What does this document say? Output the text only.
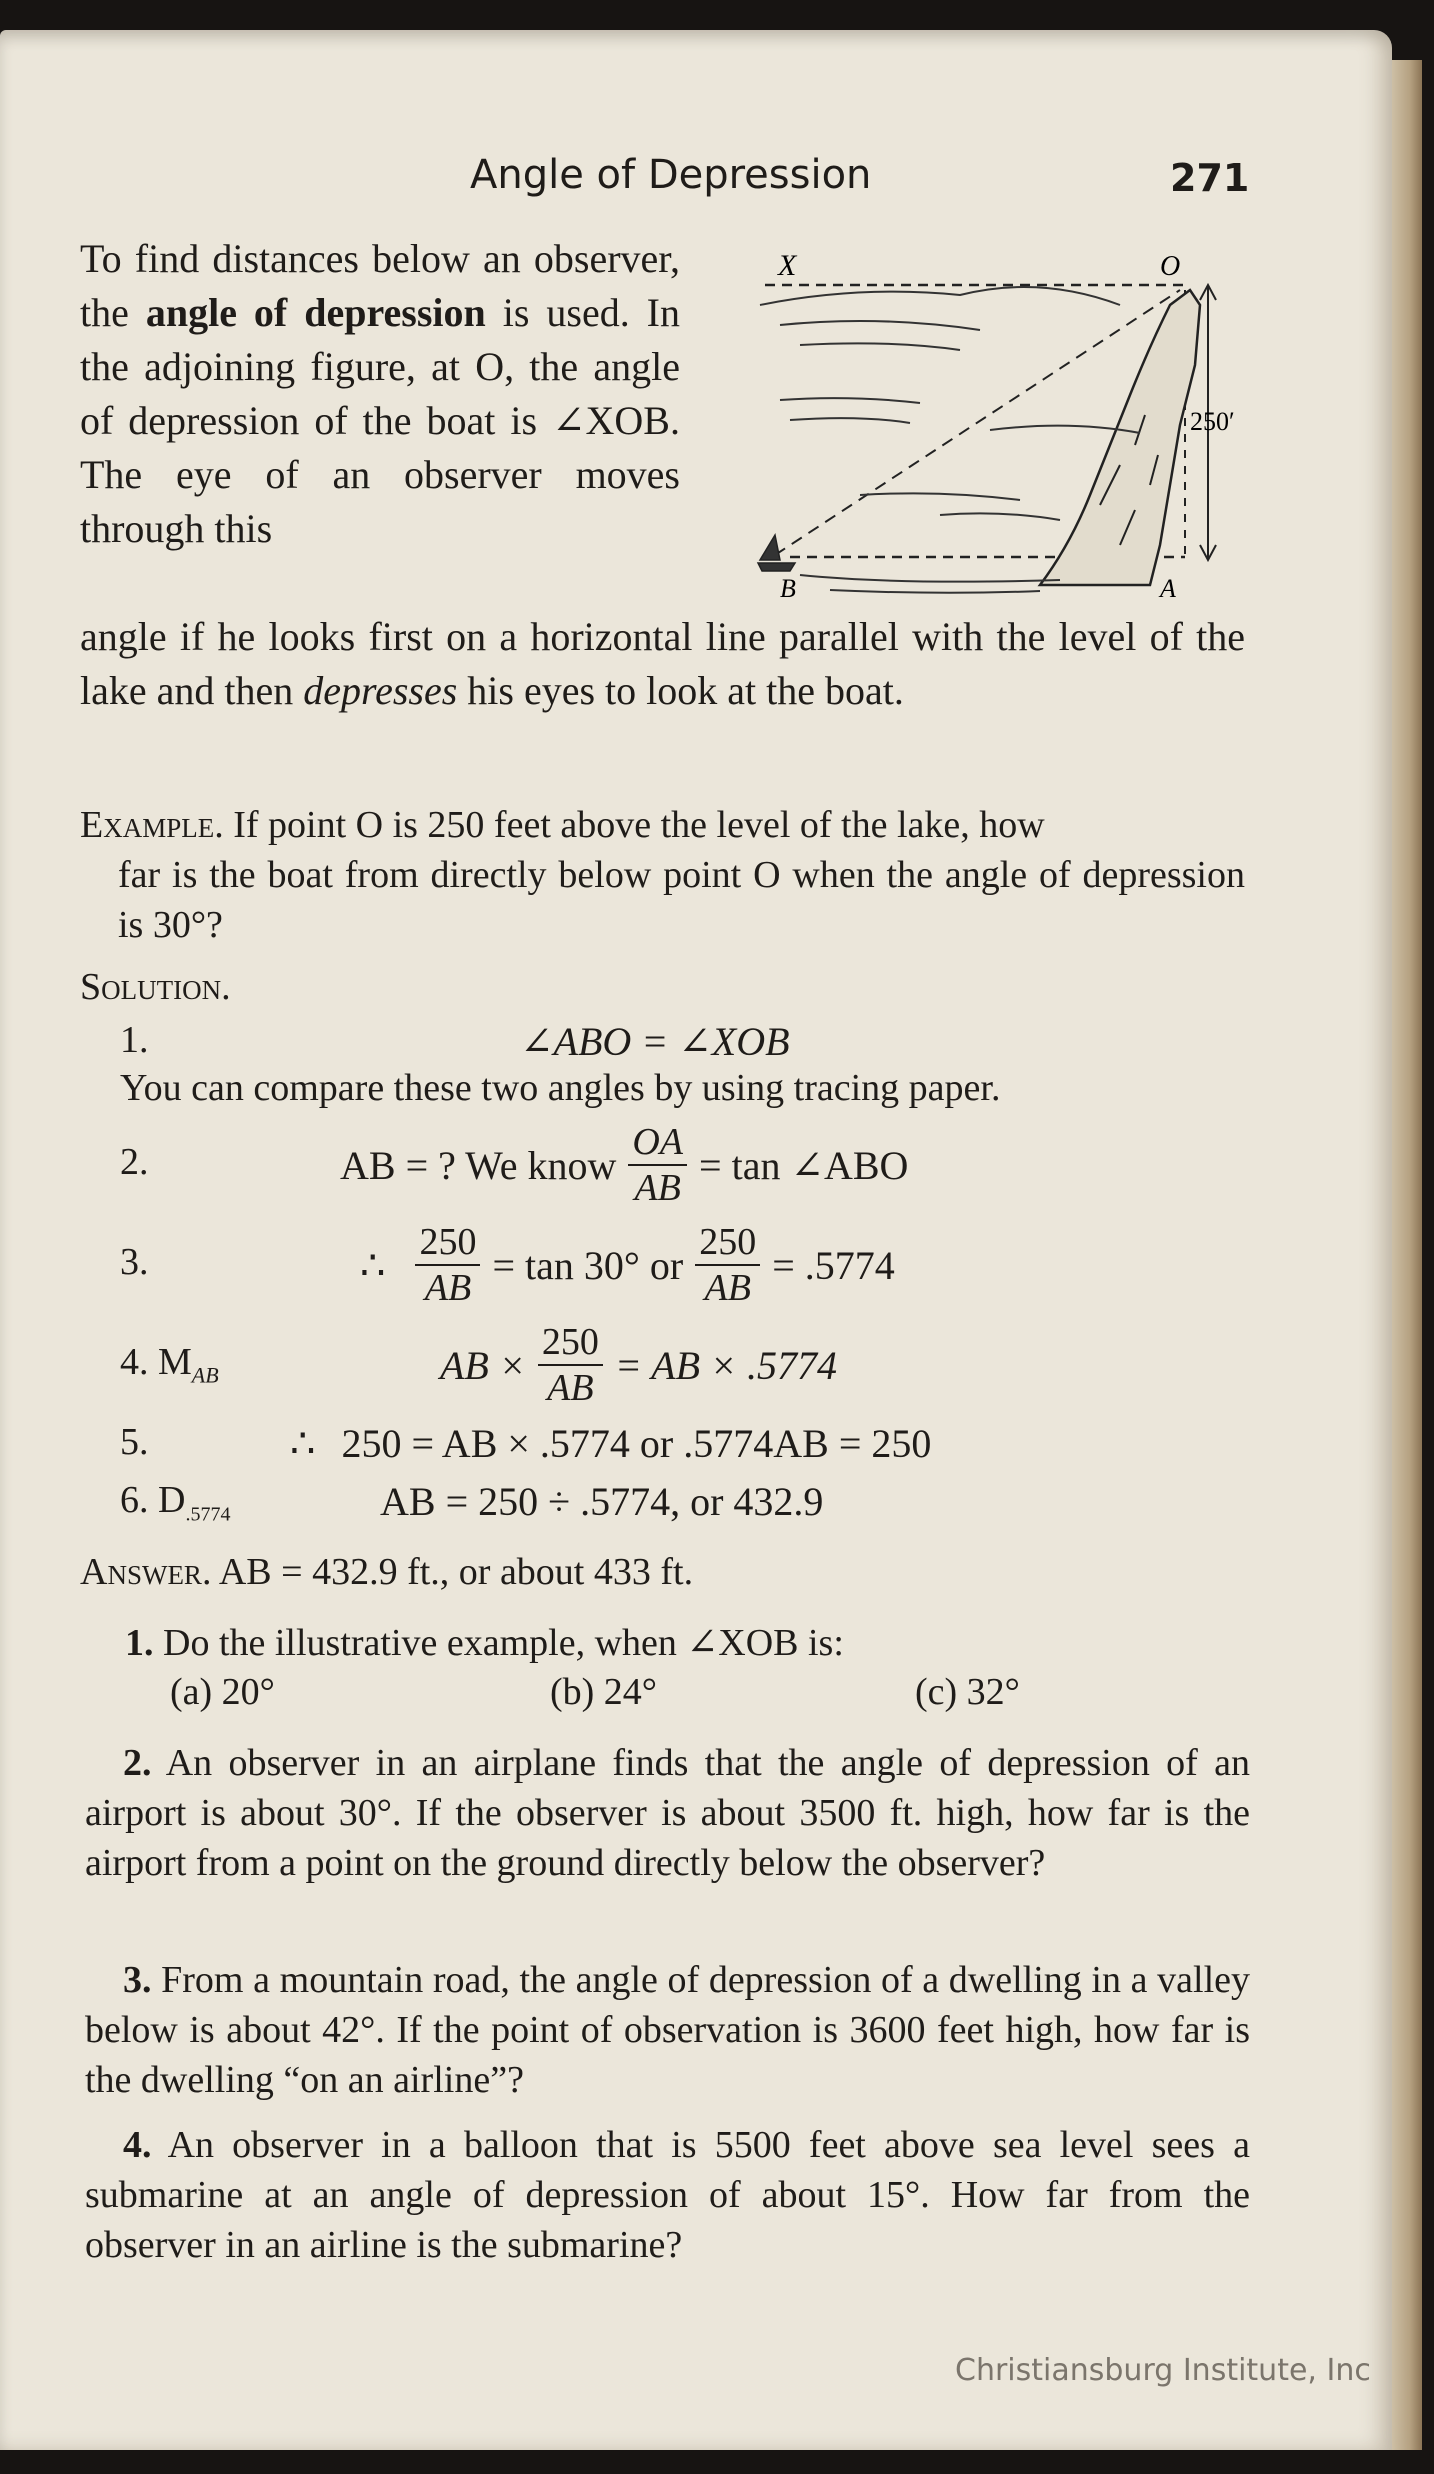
Angle of Depression	271
To find distances below an observer, the angle of depression is used. In the adjoining figure, at O, the angle of depression of the boat is ∠XOB. The eye of an observer moves through this
X	O
250′
B	A
angle if he looks first on a horizontal line parallel with the level of the lake and then depresses his eyes to look at the boat.
Example. If point O is 250 feet above the level of the lake, how
far is the boat from directly below point O when the angle of depression is 30°?
Solution.
1.	∠ABO = ∠XOB
You can compare these two angles by using tracing paper.
2.	AB = ? We know $\frac{OA}{AB} = \tan$ ∠ABO
3.	∴ $\frac{250}{AB} = \tan 30^\circ$ or $\frac{250}{AB} = .5774$
4. $M_{AB}$	AB × $\frac{250}{AB}$ = AB × .5774
5.	∴ 250 = AB × .5774 or .5774AB = 250
6. $D_{.5774}$	AB = 250 ÷ .5774, or 432.9
Answer. AB = 432.9 ft., or about 433 ft.
1. Do the illustrative example, when ∠XOB is:
(a) 20°	(b) 24°	(c) 32°
2. An observer in an airplane finds that the angle of depression of an airport is about 30°. If the observer is about 3500 ft. high, how far is the airport from a point on the ground directly below the observer?
3. From a mountain road, the angle of depression of a dwelling in a valley below is about 42°. If the point of observation is 3600 feet high, how far is the dwelling “on an airline”?
4. An observer in a balloon that is 5500 feet above sea level sees a submarine at an angle of depression of about 15°. How far from the observer in an airline is the submarine?
Christiansburg Institute, Inc
